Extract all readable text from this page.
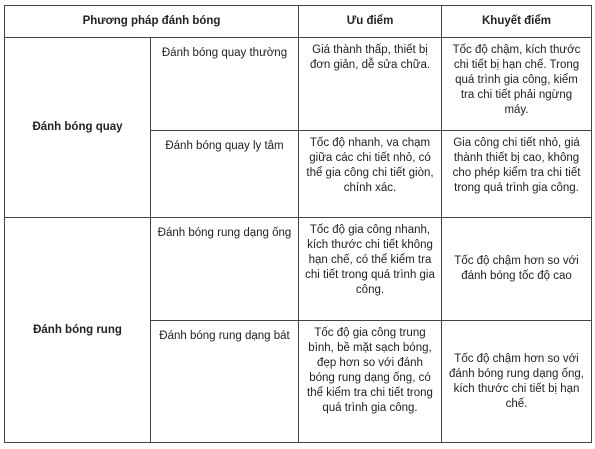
Phương pháp đánh bóng		Ưu điểm	Khuyết điểm
Đánh bóng quay	Đánh bóng quay thường	Giá thành thấp, thiết bị đơn giản, dễ sửa chữa.	Tốc độ chậm, kích thước chi tiết bị hạn chế. Trong quá trình gia công, kiểm tra chi tiết phải ngừng máy.
	Đánh bóng quay ly tâm	Tốc độ nhanh, va chạm giữa các chi tiết nhỏ, có thể gia công chi tiết giòn, chính xác.	Gia công chi tiết nhỏ, giá thành thiết bị cao, không cho phép kiểm tra chi tiết trong quá trình gia công.
Đánh bóng rung	Đánh bóng rung dạng ống	Tốc độ gia công nhanh, kích thước chi tiết không hạn chế, có thể kiểm tra chi tiết trong quá trình gia công.	Tốc độ chậm hơn so với đánh bóng tốc độ cao
	Đánh bóng rung dạng bát	Tốc độ gia công trung bình, bề mặt sạch bóng, đẹp hơn so với đánh bóng rung dạng ống, có thể kiểm tra chi tiết trong quá trình gia công.	Tốc độ chậm hơn so với đánh bóng rung dạng ống, kích thước chi tiết bị hạn chế.
